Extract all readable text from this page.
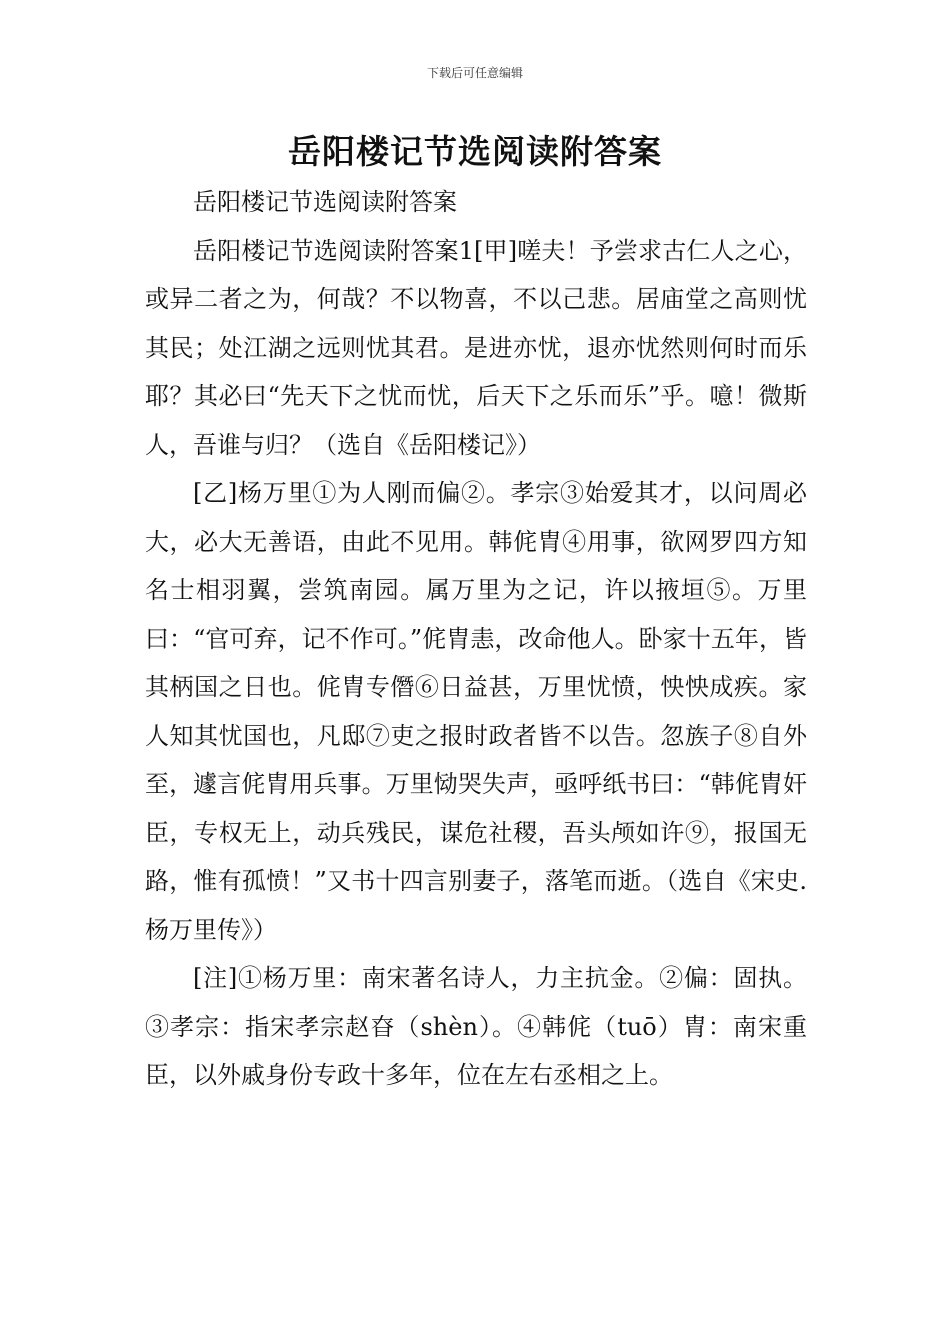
下载后可任意编辑
岳阳楼记节选阅读附答案

岳阳楼记节选阅读附答案

岳阳楼记节选阅读附答案1[甲]嗟夫！予尝求古仁人之心，或异二者之为，何哉？不以物喜，不以己悲。居庙堂之高则忧其民；处江湖之远则忧其君。是进亦忧，退亦忧然则何时而乐耶？其必曰“先天下之忧而忧，后天下之乐而乐”乎。噫！微斯人，吾谁与归？（选自《岳阳楼记》）

[乙]杨万里①为人刚而偏②。孝宗③始爱其才，以问周必大，必大无善语，由此不见用。韩侂胄④用事，欲网罗四方知名士相羽翼，尝筑南园。属万里为之记，许以掖垣⑤。万里曰：“官可弃，记不作可。”侂胄恚，改命他人。卧家十五年，皆其柄国之日也。侂胄专僭⑥日益甚，万里忧愤，怏怏成疾。家人知其忧国也，凡邸⑦吏之报时政者皆不以告。忽族子⑧自外至，遽言侂胄用兵事。万里恸哭失声，亟呼纸书曰：“韩侂胄奸臣，专权无上，动兵残民，谋危社稷，吾头颅如许⑨，报国无路，惟有孤愤！”又书十四言别妻子，落笔而逝。（选自《宋史.杨万里传》）

[注]①杨万里：南宋著名诗人，力主抗金。②偏：固执。③孝宗：指宋孝宗赵昚（shèn）。④韩侂（tuō）胄：南宋重臣，以外戚身份专政十多年，位在左右丞相之上。
